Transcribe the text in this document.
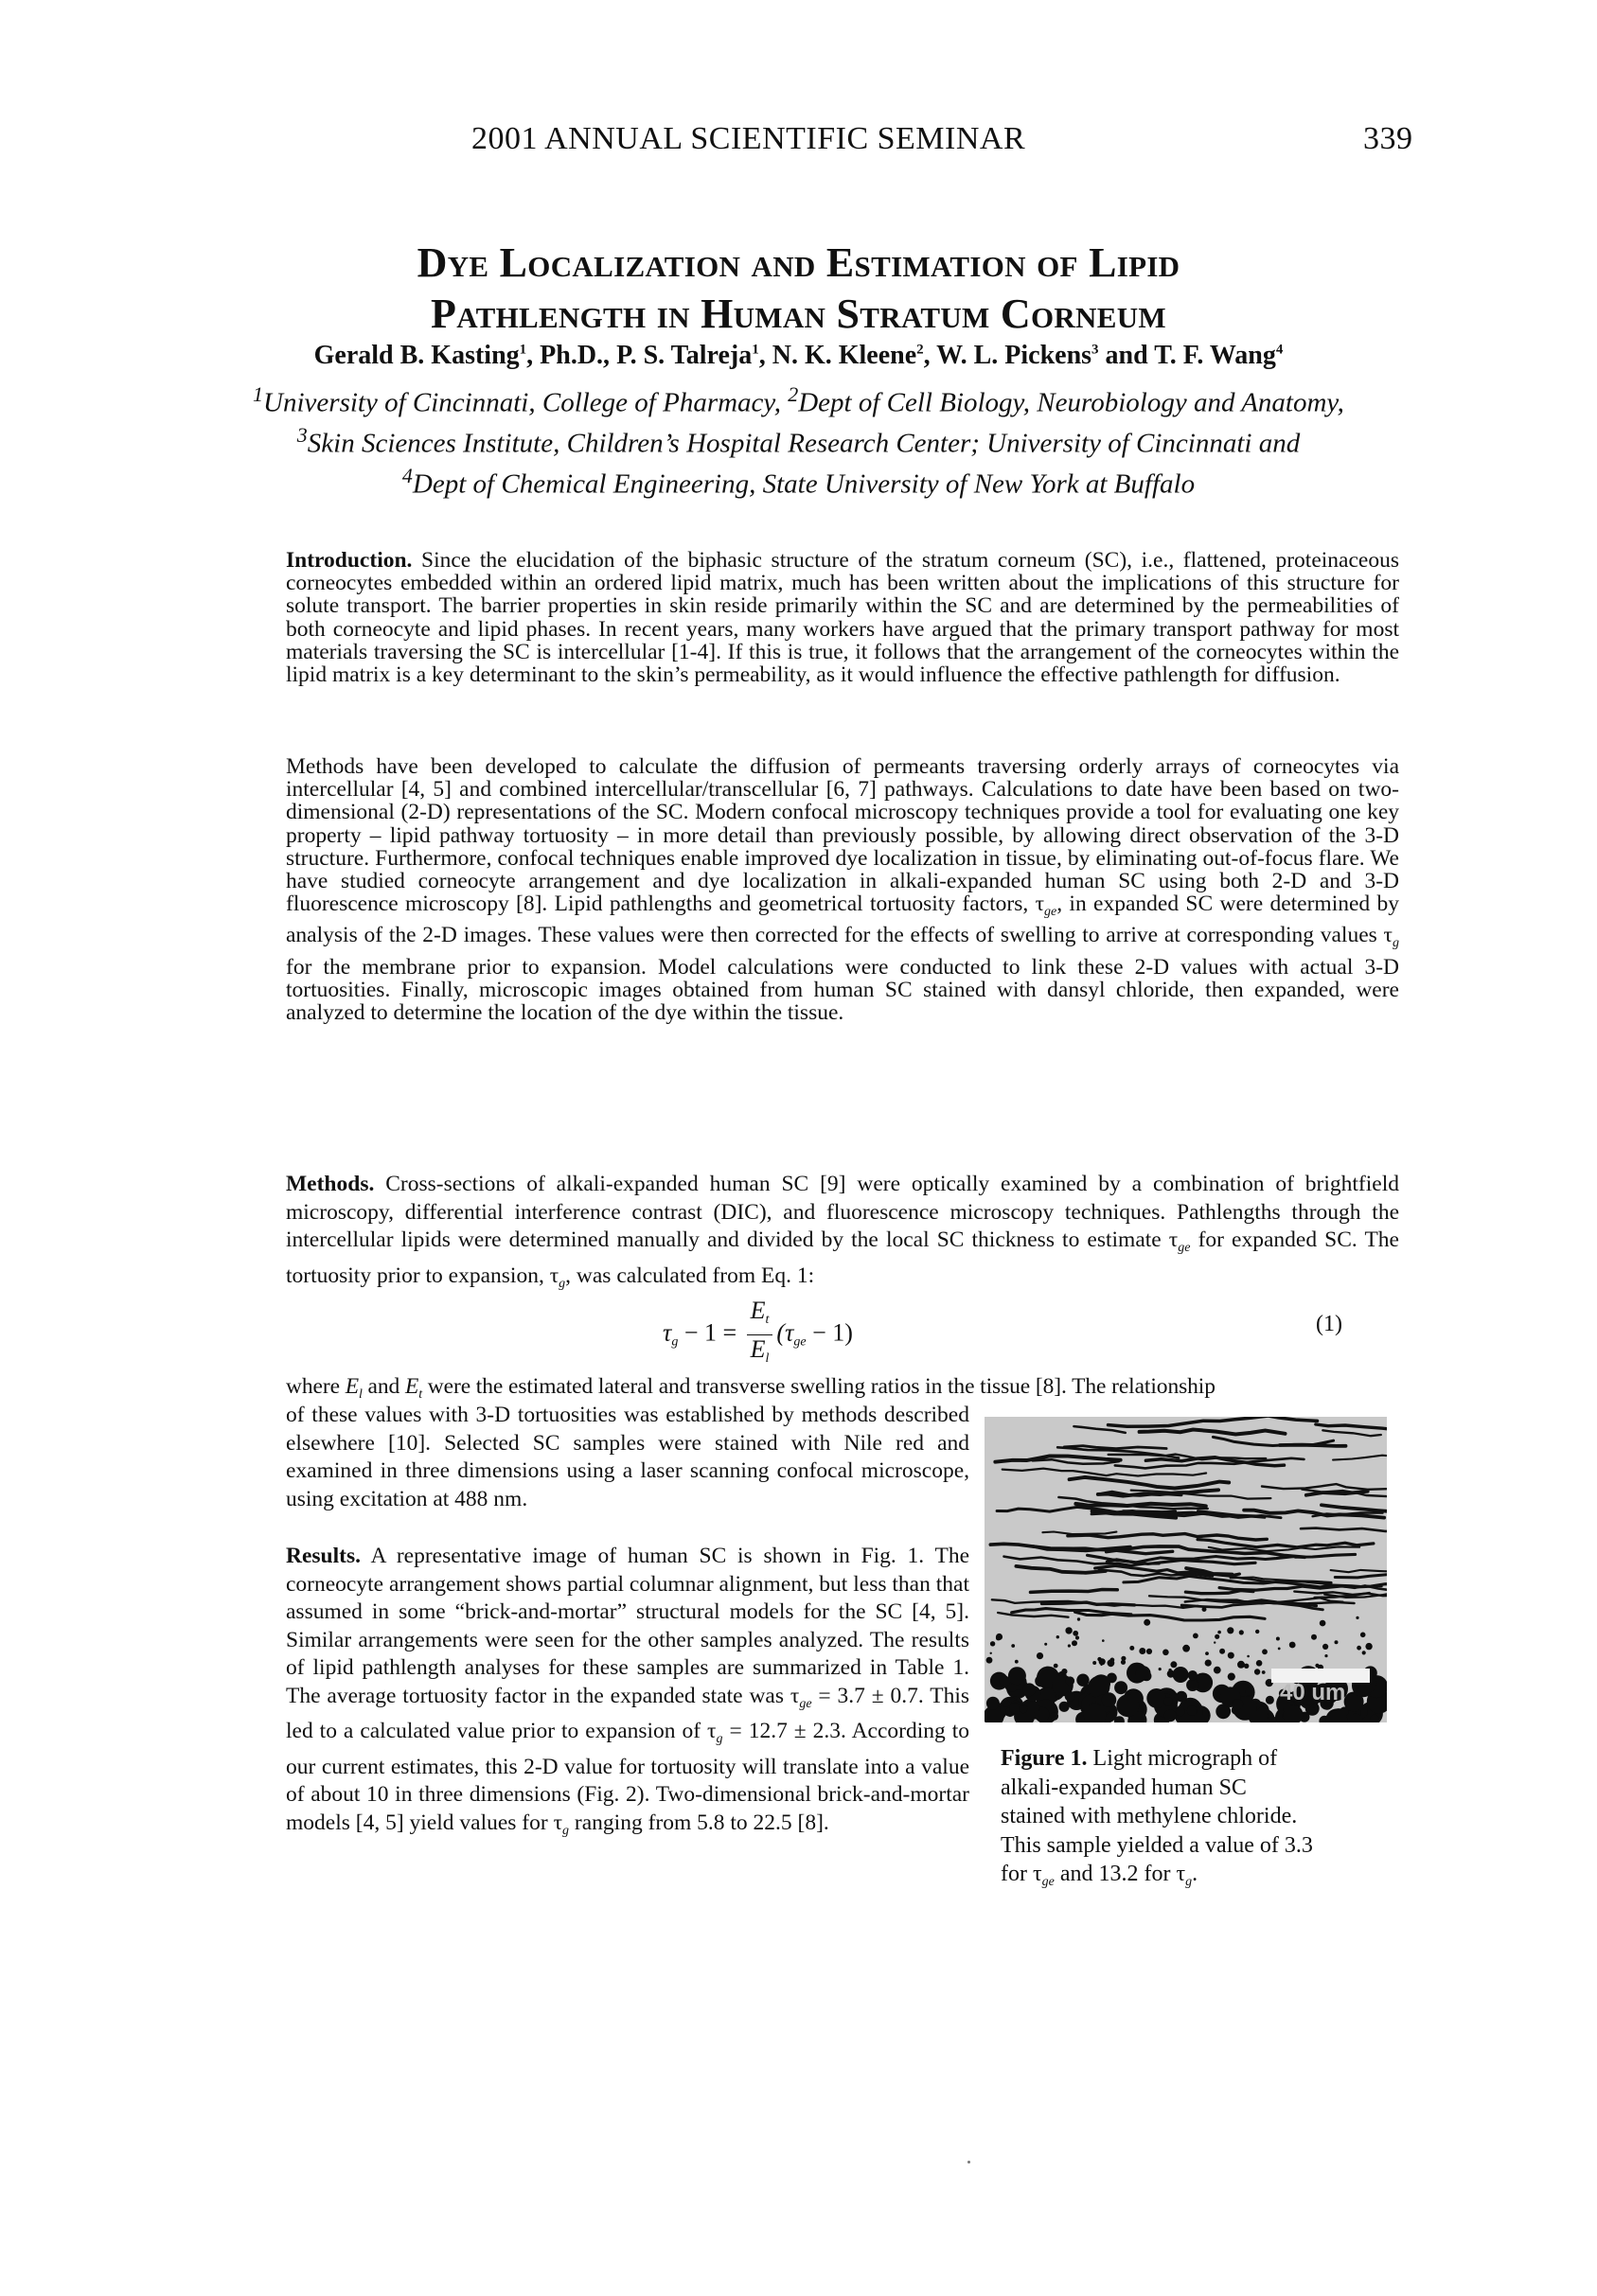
2001 ANNUAL SCIENTIFIC SEMINAR	339
Dye Localization and Estimation of Lipid
Pathlength in Human Stratum Corneum
Gerald B. Kasting$^1$, Ph.D., P. S. Talreja$^1$, N. K. Kleene$^2$, W. L. Pickens$^3$ and T. F. Wang$^4$
$^1$University of Cincinnati, College of Pharmacy, $^2$Dept of Cell Biology, Neurobiology and Anatomy,
$^3$Skin Sciences Institute, Children’s Hospital Research Center; University of Cincinnati and
$^4$Dept of Chemical Engineering, State University of New York at Buffalo
Introduction. Since the elucidation of the biphasic structure of the stratum corneum (SC), i.e., flattened, proteinaceous corneocytes embedded within an ordered lipid matrix, much has been written about the implications of this structure for solute transport. The barrier properties in skin reside primarily within the SC and are determined by the permeabilities of both corneocyte and lipid phases. In recent years, many workers have argued that the primary transport pathway for most materials traversing the SC is intercellular [1-4]. If this is true, it follows that the arrangement of the corneocytes within the lipid matrix is a key determinant to the skin’s permeability, as it would influence the effective pathlength for diffusion.
Methods have been developed to calculate the diffusion of permeants traversing orderly arrays of corneocytes via intercellular [4, 5] and combined intercellular/transcellular [6, 7] pathways. Calculations to date have been based on two-dimensional (2-D) representations of the SC. Modern confocal microscopy techniques provide a tool for evaluating one key property – lipid pathway tortuosity – in more detail than previously possible, by allowing direct observation of the 3-D structure. Furthermore, confocal techniques enable improved dye localization in tissue, by eliminating out-of-focus flare. We have studied corneocyte arrangement and dye localization in alkali-expanded human SC using both 2-D and 3-D fluorescence microscopy [8]. Lipid pathlengths and geometrical tortuosity factors, $\tau_{ge}$, in expanded SC were determined by analysis of the 2-D images. These values were then corrected for the effects of swelling to arrive at corresponding values $\tau_g$ for the membrane prior to expansion. Model calculations were conducted to link these 2-D values with actual 3-D tortuosities. Finally, microscopic images obtained from human SC stained with dansyl chloride, then expanded, were analyzed to determine the location of the dye within the tissue.
Methods. Cross-sections of alkali-expanded human SC [9] were optically examined by a combination of brightfield microscopy, differential interference contrast (DIC), and fluorescence microscopy techniques. Pathlengths through the intercellular lipids were determined manually and divided by the local SC thickness to estimate $\tau_{ge}$ for expanded SC. The tortuosity prior to expansion, $\tau_g$, was calculated from Eq. 1:
$\tau_g - 1 = \frac{E_t}{E_l} (\tau_{ge} - 1)$	(1)
where $E_l$ and $E_t$ were the estimated lateral and transverse swelling ratios in the tissue [8]. The relationship
of these values with 3-D tortuosities was established by methods described elsewhere [10]. Selected SC samples were stained with Nile red and examined in three dimensions using a laser scanning confocal microscope, using excitation at 488 nm.
Results. A representative image of human SC is shown in Fig. 1. The corneocyte arrangement shows partial columnar alignment, but less than that assumed in some “brick-and-mortar” structural models for the SC [4, 5]. Similar arrangements were seen for the other samples analyzed. The results of lipid pathlength analyses for these samples are summarized in Table 1. The average tortuosity factor in the expanded state was $\tau_{ge} = 3.7 \pm 0.7$. This led to a calculated value prior to expansion of $\tau_g = 12.7 \pm 2.3$. According to our current estimates, this 2-D value for tortuosity will translate into a value of about 10 in three dimensions (Fig. 2). Two-dimensional brick-and-mortar models [4, 5] yield values for $\tau_g$ ranging from 5.8 to 22.5 [8].
40 um
Figure 1. Light micrograph of
alkali-expanded human SC
stained with methylene chloride.
This sample yielded a value of 3.3
for $\tau_{ge}$ and 13.2 for $\tau_g$.
